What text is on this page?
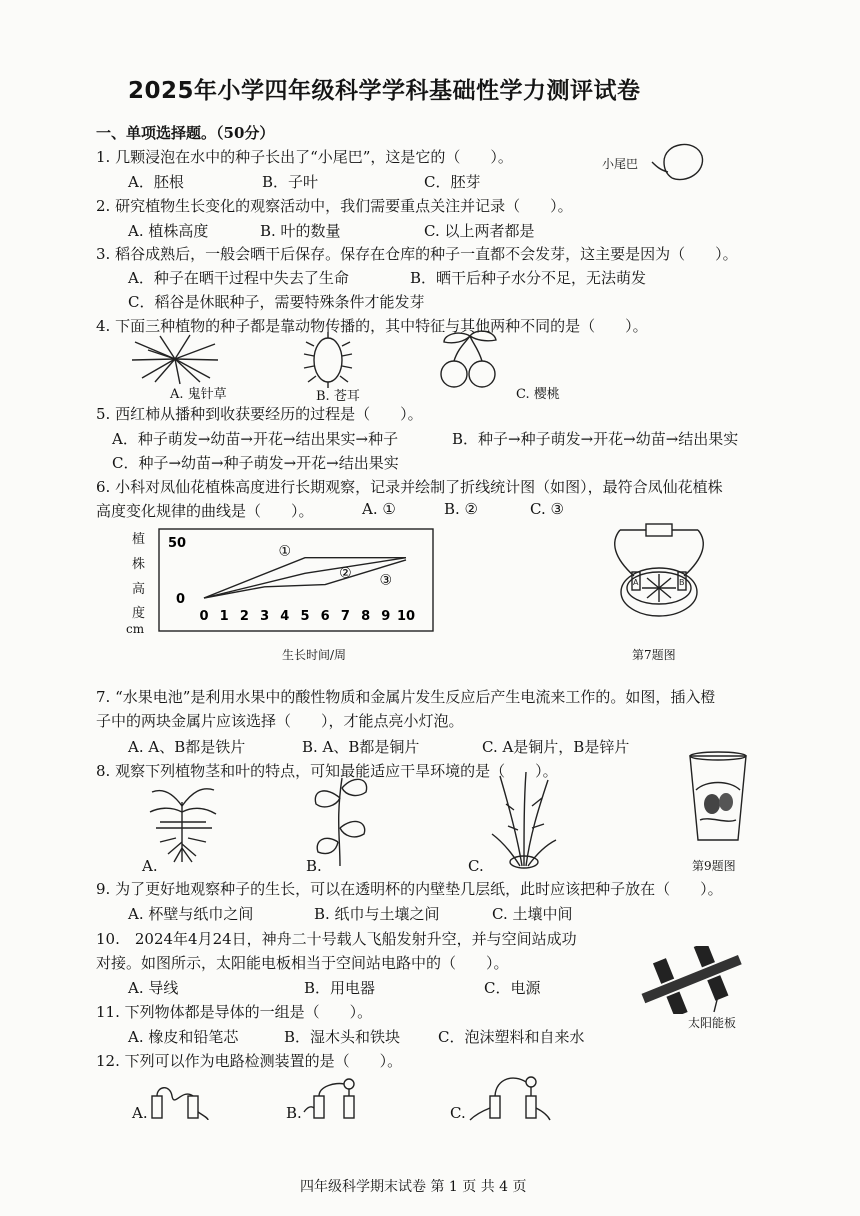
2025年小学四年级科学学科基础性学力测评试卷
一、单项选择题。（50分）
1. 几颗浸泡在水中的种子长出了“小尾巴”，这是它的（　　）。
A．胚根	B．子叶	C．胚芽
小尾巴
2. 研究植物生长变化的观察活动中，我们需要重点关注并记录（　　）。
A. 植株高度	B. 叶的数量	C. 以上两者都是
3. 稻谷成熟后，一般会晒干后保存。保存在仓库的种子一直都不会发芽，这主要是因为（　　）。
A．种子在晒干过程中失去了生命	B．晒干后种子水分不足，无法萌发
C．稻谷是休眠种子，需要特殊条件才能发芽
4. 下面三种植物的种子都是靠动物传播的，其中特征与其他两种不同的是（　　）。
A. 鬼针草	B. 苍耳	C. 樱桃
5. 西红柿从播种到收获要经历的过程是（　　）。
A．种子萌发→幼苗→开花→结出果实→种子	B．种子→种子萌发→开花→幼苗→结出果实
C．种子→幼苗→种子萌发→开花→结出果实
6. 小科对凤仙花植株高度进行长期观察，记录并绘制了折线统计图（如图），最符合凤仙花植株
高度变化规律的曲线是（　　）。	A. ①	B. ②	C. ③
植
株
高
度
cm
0 1 2 3 4 5 6 7 8 9 10
50
0
①
② ③
生长时间/周
A	B
第7题图
7. “水果电池”是利用水果中的酸性物质和金属片发生反应后产生电流来工作的。如图，插入橙
子中的两块金属片应该选择（　　），才能点亮小灯泡。
A. A、B都是铁片	B. A、B都是铜片	C. A是铜片，B是锌片
8. 观察下列植物茎和叶的特点，可知最能适应干旱环境的是（　　）。
A.	B.	C.	第9题图
9. 为了更好地观察种子的生长，可以在透明杯的内壁垫几层纸，此时应该把种子放在（　　）。
A. 杯壁与纸巾之间	B. 纸巾与土壤之间	C. 土壤中间
10.　2024年4月24日，神舟二十号载人飞船发射升空，并与空间站成功
对接。如图所示，太阳能电板相当于空间站电路中的（　　）。
A. 导线	B．用电器	C．电源
太阳能板
11. 下列物体都是导体的一组是（　　）。
A. 橡皮和铅笔芯	B．湿木头和铁块	C．泡沫塑料和自来水
12. 下列可以作为电路检测装置的是（　　）。
A.	B.	C.
四年级科学期末试卷 第 1 页 共 4 页
